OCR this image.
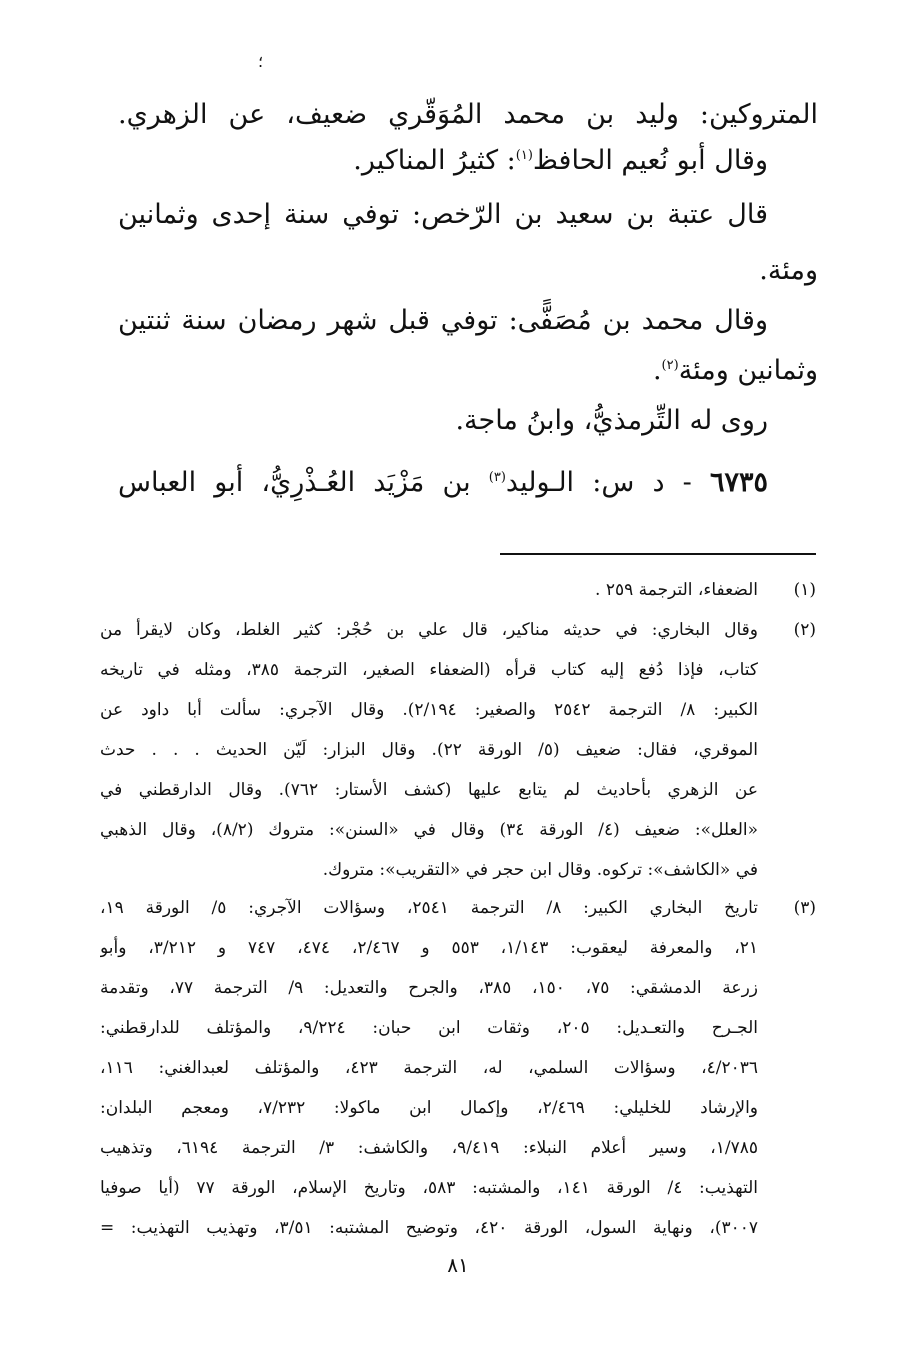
؛
المتروكين: وليد بن محمد المُوَقّري ضعيف، عن الزهري.
وقال أبو نُعيم الحافظ$^{(١)}$: كثيرُ المناكير.
قال عتبة بن سعيد بن الرّخص: توفي سنة إحدى وثمانين
ومئة.
وقال محمد بن مُصَفًّى: توفي قبل شهر رمضان سنة ثنتين
وثمانين ومئة$^{(٢)}$.
روى له التِّرمذيُّ، وابنُ ماجة.
٦٧٣٥ - د س: الـوليد$^{(٣)}$ بن مَزْيَد العُـذْرِيُّ، أبو العباس
(١)
الضعفاء، الترجمة ٢٥٩ .
(٢)
وقال البخاري: في حديثه مناكير، قال علي بن حُجْر: كثير الغلط، وكان لايقرأ من
كتاب، فإذا دُفع إليه كتاب قرأه (الضعفاء الصغير، الترجمة ٣٨٥، ومثله في تاريخه
الكبير: ٨/ الترجمة ٢٥٤٢ والصغير: ٢/١٩٤). وقال الآجري: سألت أبا داود عن
الموقري، فقال: ضعيف (٥/ الورقة ٢٢). وقال البزار: لَيّن الحديث . . . حدث
عن الزهري بأحاديث لم يتابع عليها (كشف الأستار: ٧٦٢). وقال الدارقطني في
«العلل»: ضعيف (٤/ الورقة ٣٤) وقال في «السنن»: متروك (٨/٢)، وقال الذهبي
في «الكاشف»: تركوه. وقال ابن حجر في «التقريب»: متروك.
(٣)
تاريخ البخاري الكبير: ٨/ الترجمة ٢٥٤١، وسؤالات الآجري: ٥/ الورقة ١٩،
٢١، والمعرفة ليعقوب: ١/١٤٣، ٥٥٣ و ٢/٤٦٧، ٤٧٤، ٧٤٧ و ٣/٢١٢، وأبو
زرعة الدمشقي: ٧٥، ١٥٠، ٣٨٥، والجرح والتعديل: ٩/ الترجمة ٧٧، وتقدمة
الجـرح والتعـديل: ٢٠٥، وثقات ابن حبان: ٩/٢٢٤، والمؤتلف للدارقطني:
٤/٢٠٣٦، وسؤالات السلمي، له، الترجمة ٤٢٣، والمؤتلف لعبدالغني: ١١٦،
والإرشاد للخليلي: ٢/٤٦٩، وإكمال ابن ماكولا: ٧/٢٣٢، ومعجم البلدان:
١/٧٨٥، وسير أعلام النبلاء: ٩/٤١٩، والكاشف: ٣/ الترجمة ٦١٩٤، وتذهيب
التهذيب: ٤/ الورقة ١٤١، والمشتبه: ٥٨٣، وتاريخ الإسلام، الورقة ٧٧ (أيا صوفيا
٣٠٠٧)، ونهاية السول، الورقة ٤٢٠، وتوضيح المشتبه: ٣/٥١، وتهذيب التهذيب: =
٨١
